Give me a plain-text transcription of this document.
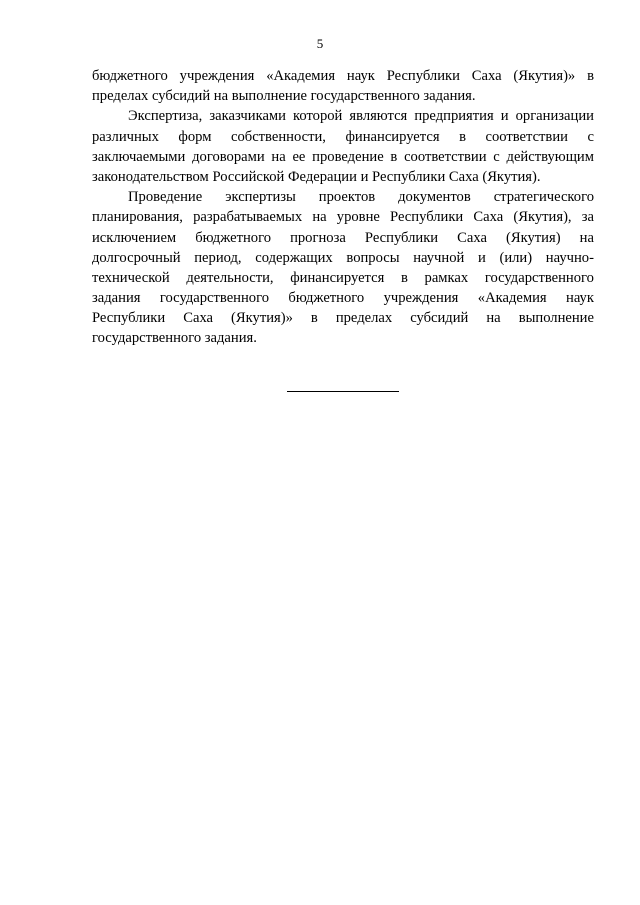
5

бюджетного учреждения «Академия наук Республики Саха (Якутия)» в
пределах субсидий на выполнение государственного задания.

Экспертиза, заказчиками которой являются предприятия и организации
различных форм собственности, финансируется в соответствии с
заключаемыми договорами на ее проведение в соответствии с действующим
законодательством Российской Федерации и Республики Саха (Якутия).

Проведение экспертизы проектов документов стратегического
планирования, разрабатываемых на уровне Республики Саха (Якутия), за
исключением бюджетного прогноза Республики Саха (Якутия) на
долгосрочный период, содержащих вопросы научной и (или) научно-
технической деятельности, финансируется в рамках государственного
задания государственного бюджетного учреждения «Академия наук
Республики Саха (Якутия)» в пределах субсидий на выполнение
государственного задания.
